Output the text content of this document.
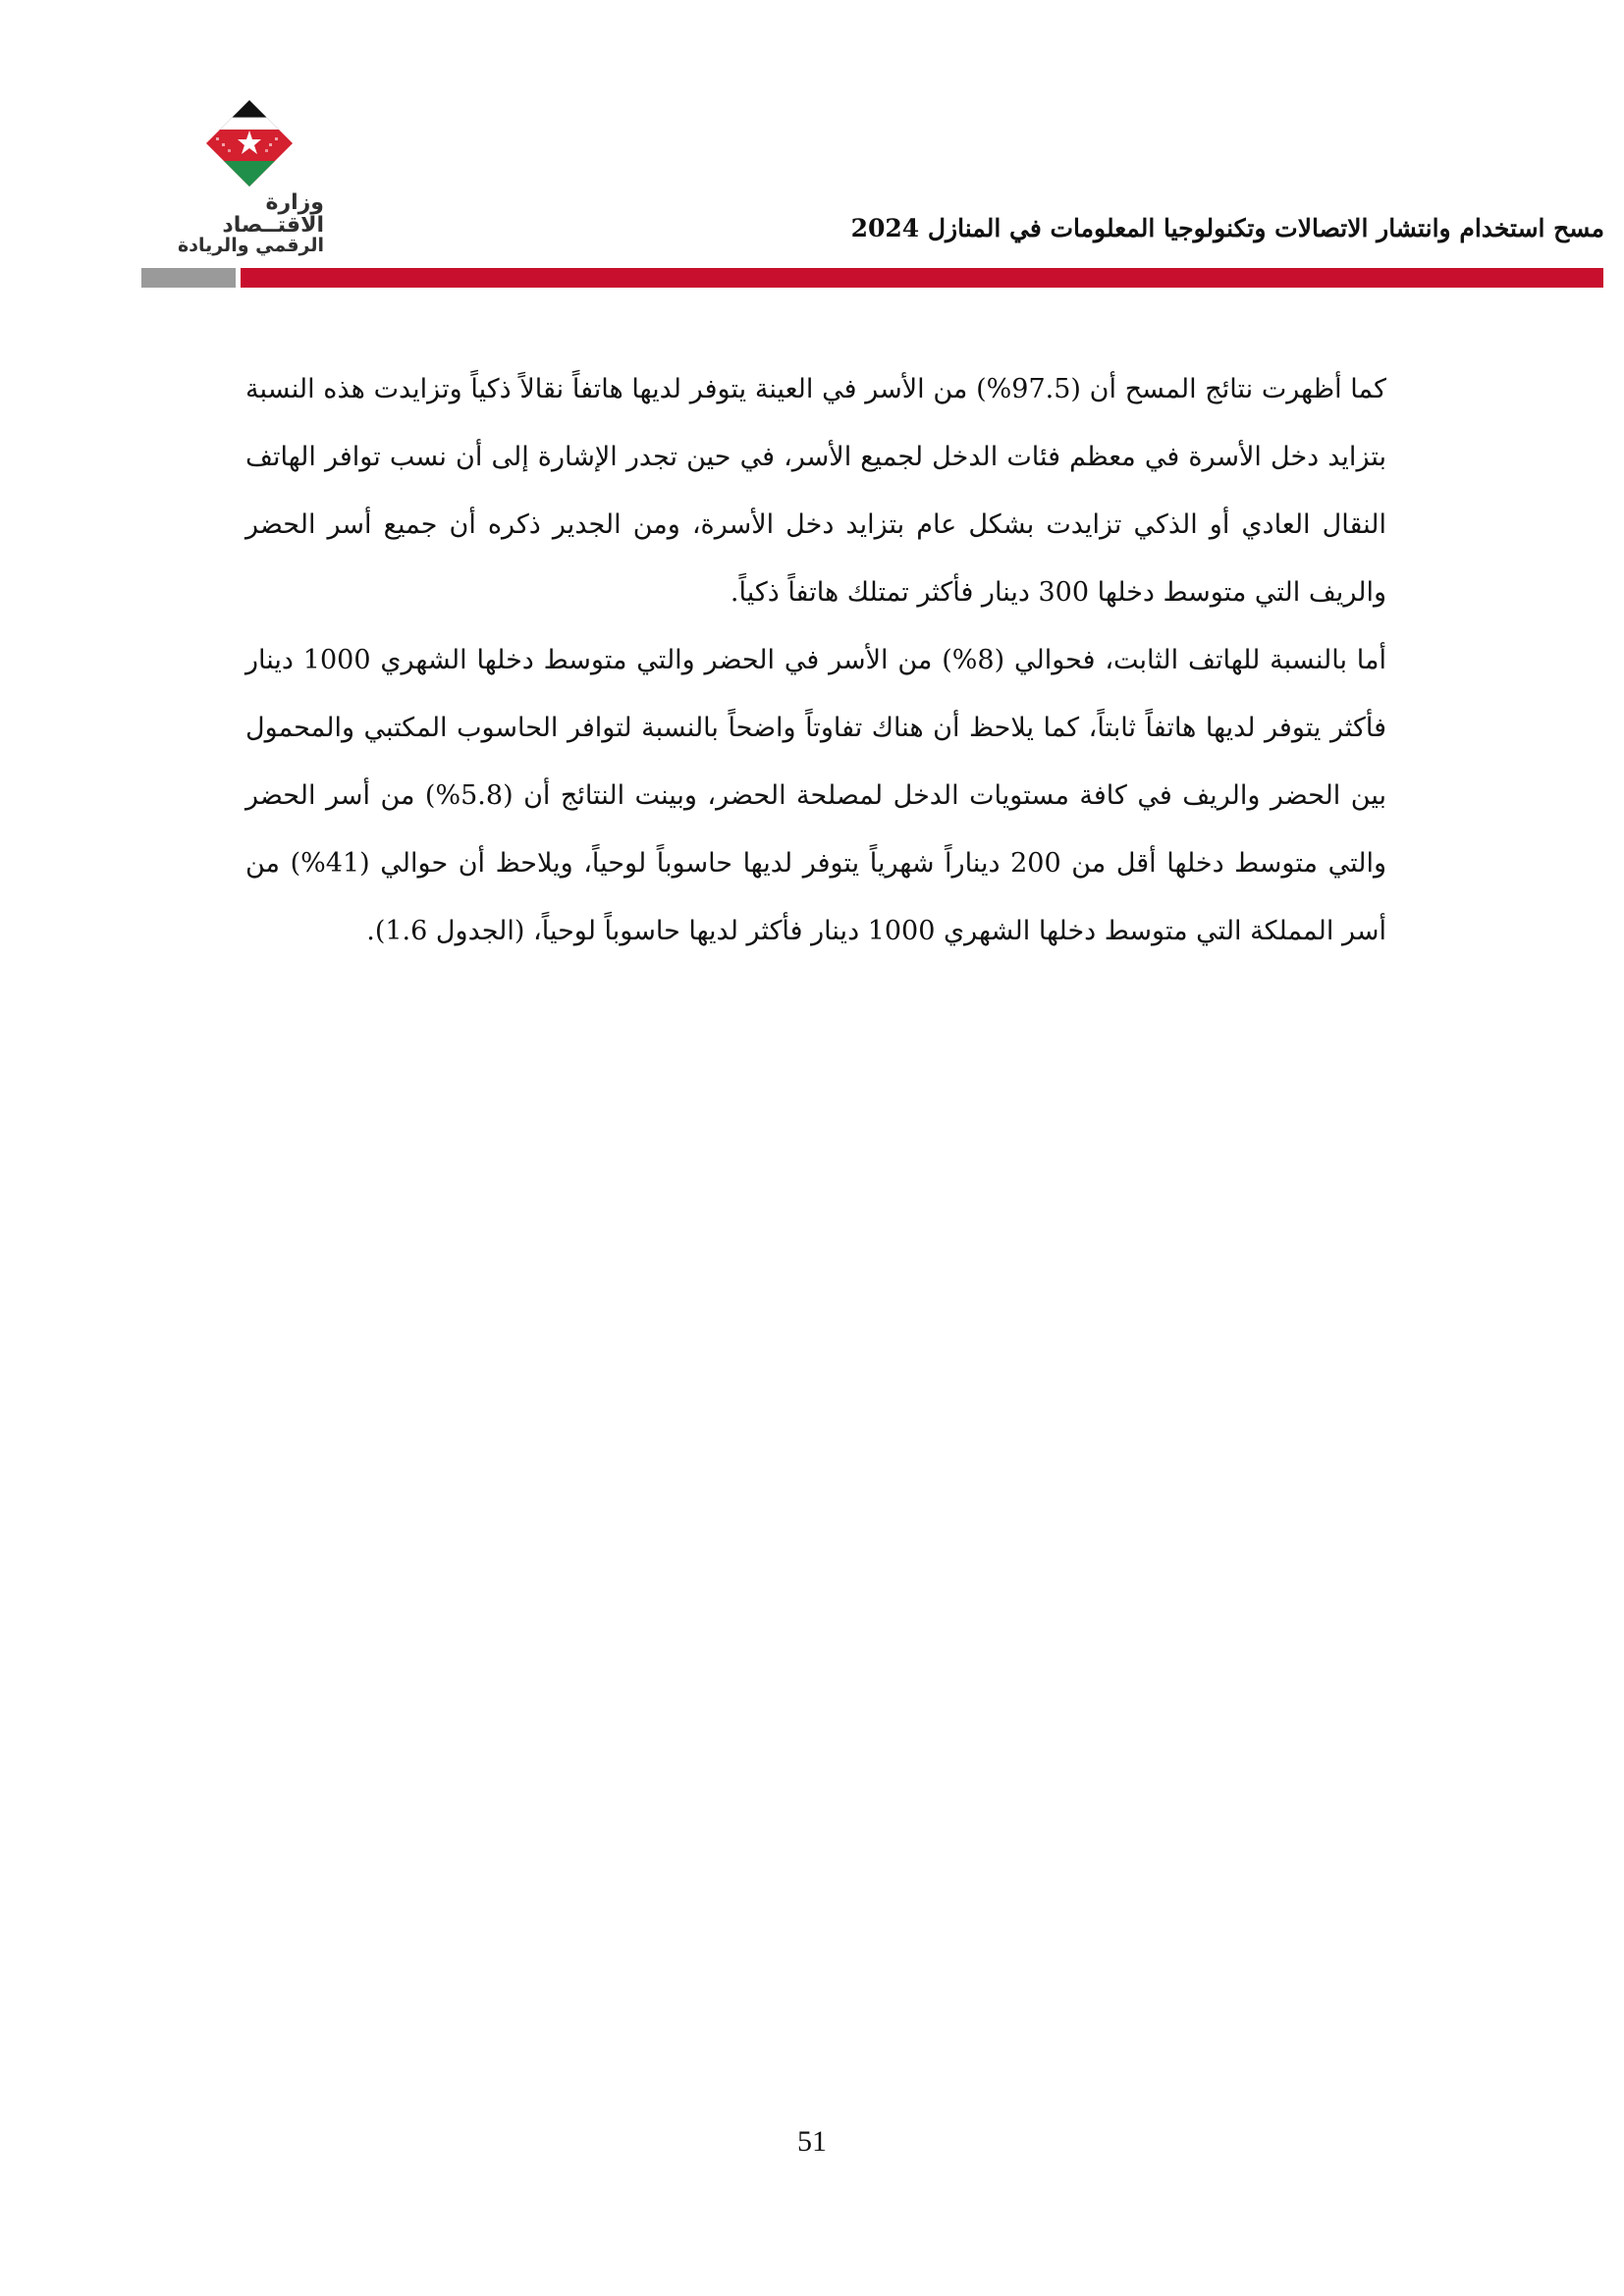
وزارة الاقتــصاد
الرقمي والريادة
مسح استخدام وانتشار الاتصالات وتكنولوجيا المعلومات في المنازل 2024

كما أظهرت نتائج المسح أن (97.5%) من الأسر في العينة يتوفر لديها هاتفاً نقالاً ذكياً وتزايدت هذه النسبة بتزايد دخل الأسرة في معظم فئات الدخل لجميع الأسر، في حين تجدر الإشارة إلى أن نسب توافر الهاتف النقال العادي أو الذكي تزايدت بشكل عام بتزايد دخل الأسرة، ومن الجدير ذكره أن جميع أسر الحضر والريف التي متوسط دخلها 300 دينار فأكثر تمتلك هاتفاً ذكياً.

أما بالنسبة للهاتف الثابت، فحوالي (8%) من الأسر في الحضر والتي متوسط دخلها الشهري 1000 دينار فأكثر يتوفر لديها هاتفاً ثابتاً، كما يلاحظ أن هناك تفاوتاً واضحاً بالنسبة لتوافر الحاسوب المكتبي والمحمول بين الحضر والريف في كافة مستويات الدخل لمصلحة الحضر، وبينت النتائج أن (5.8%) من أسر الحضر والتي متوسط دخلها أقل من 200 ديناراً شهرياً يتوفر لديها حاسوباً لوحياً، ويلاحظ أن حوالي (41%) من أسر المملكة التي متوسط دخلها الشهري 1000 دينار فأكثر لديها حاسوباً لوحياً، (الجدول 1.6).

51
